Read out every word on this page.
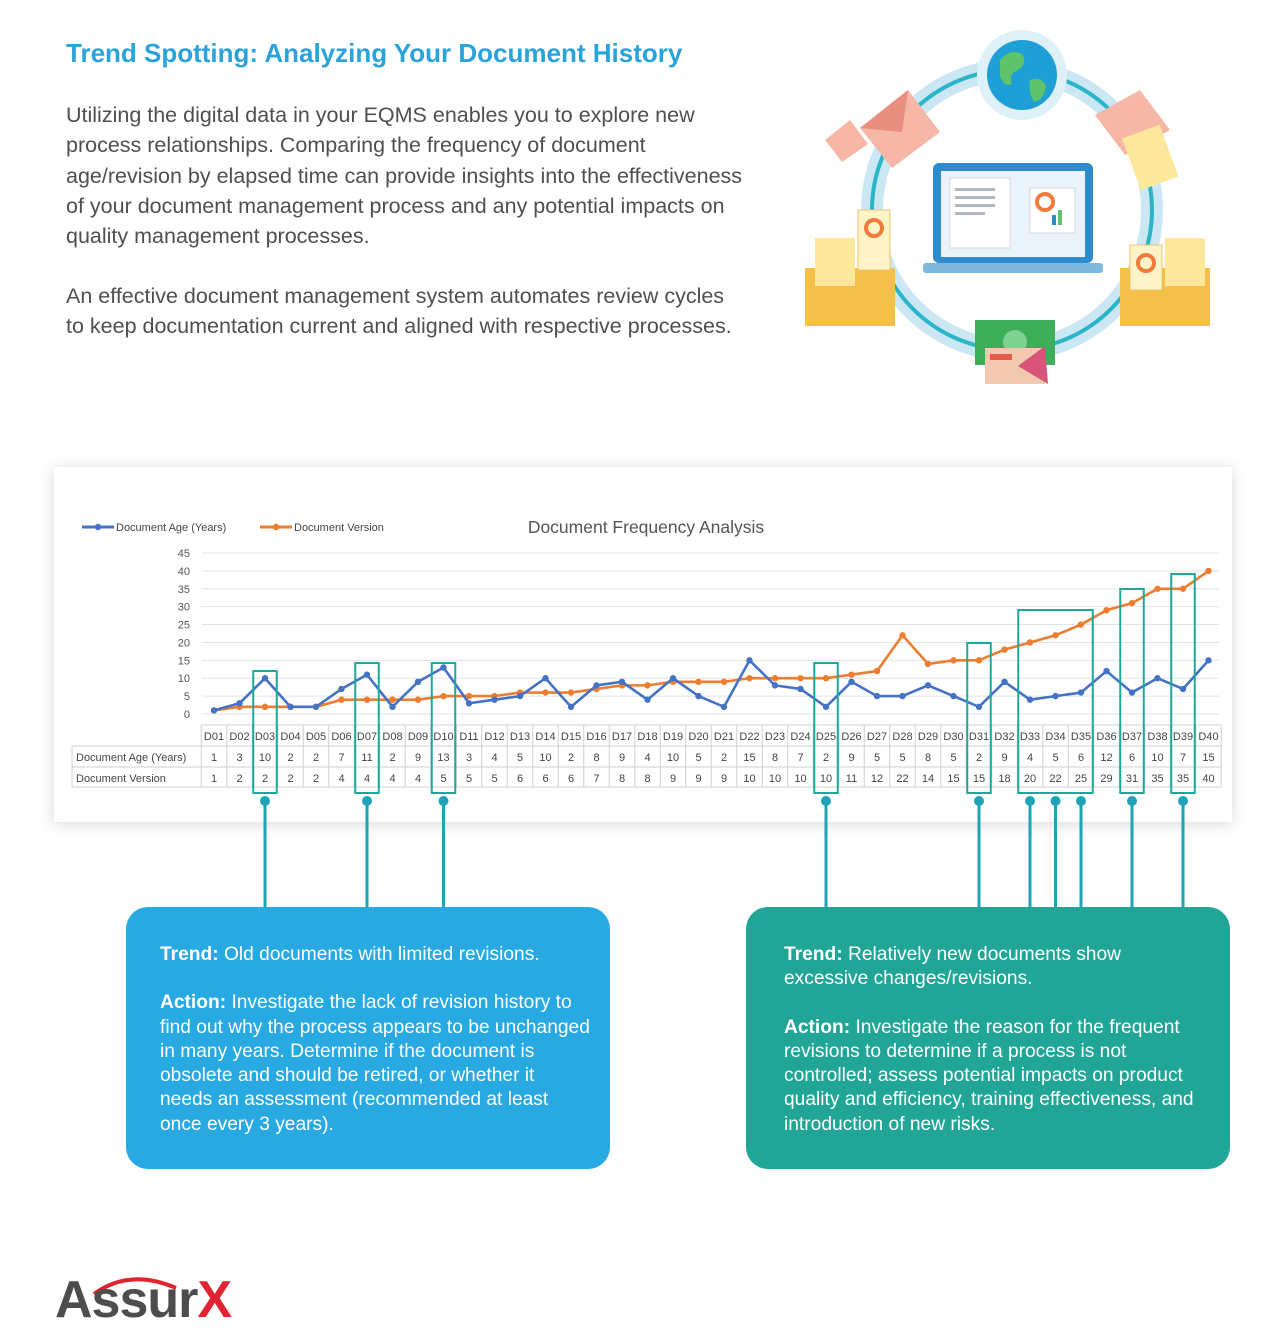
Trend Spotting: Analyzing Your Document History

Utilizing the digital data in your EQMS enables you to explore new process relationships. Comparing the frequency of document age/revision by elapsed time can provide insights into the effectiveness of your document management process and any potential impacts on quality management processes.

An effective document management system automates review cycles to keep documentation current and aligned with respective processes.

Document Age (Years)	Document Version	Document Frequency Analysis
0
5
10
15
20
25
30
35
40
45
Document Age (Years)
Document Version
D01
1
1
D02
3
2
D03
10
2
D04
2
2
D05
2
2
D06
7
4
D07
11
4
D08
2
4
D09
9
4
D10
13
5
D11
3
5
D12
4
5
D13
5
6
D14
10
6
D15
2
6
D16
8
7
D17
9
8
D18
4
8
D19
10
9
D20
5
9
D21
2
9
D22
15
10
D23
8
10
D24
7
10
D25
2
10
D26
9
11
D27
5
12
D28
5
22
D29
8
14
D30
5
15
D31
2
15
D32
9
18
D33
4
20
D34
5
22
D35
6
25
D36
12
29
D37
6
31
D38
10
35
D39
7
35
D40
15
40

Trend: Old documents with limited revisions.

Action: Investigate the lack of revision history to find out why the process appears to be unchanged in many years. Determine if the document is obsolete and should be retired, or whether it needs an assessment (recommended at least once every 3 years).

Trend: Relatively new documents show excessive changes/revisions.

Action: Investigate the reason for the frequent revisions to determine if a process is not controlled; assess potential impacts on product quality and efficiency, training effectiveness, and introduction of new risks.

AssurX
